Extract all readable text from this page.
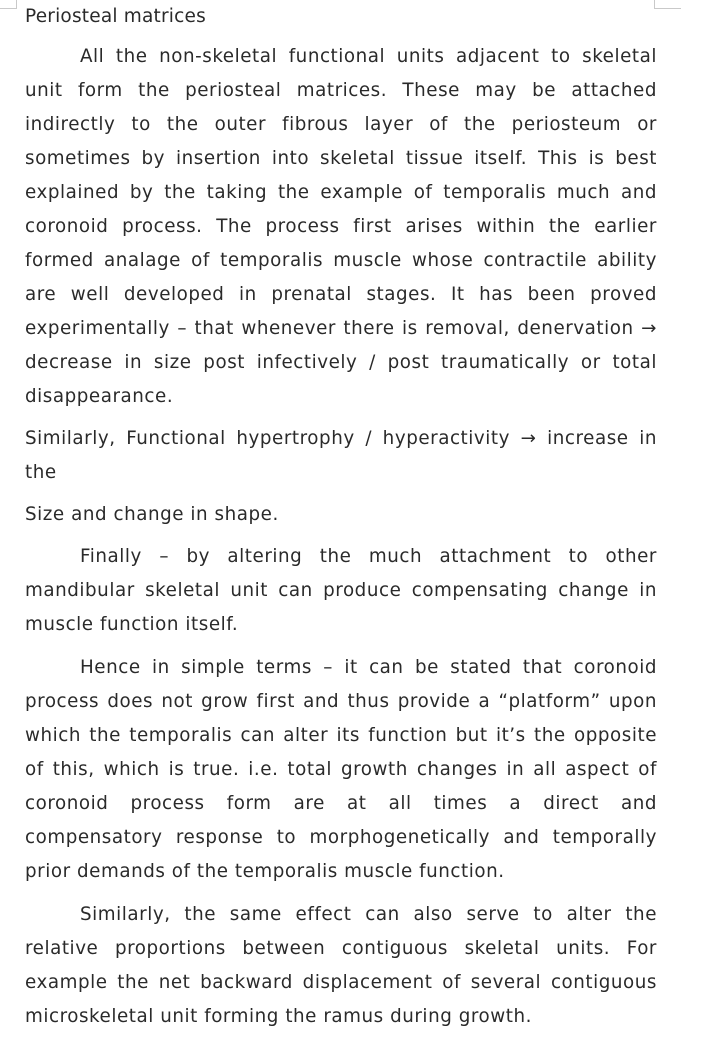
Periosteal matrices

All the non-skeletal functional units adjacent to skeletal unit form the periosteal matrices. These may be attached indirectly to the outer fibrous layer of the periosteum or sometimes by insertion into skeletal tissue itself. This is best explained by the taking the example of temporalis much and coronoid process. The process first arises within the earlier formed analage of temporalis muscle whose contractile ability are well developed in prenatal stages. It has been proved experimentally – that whenever there is removal, denervation → decrease in size post infectively / post traumatically or total disappearance.

Similarly, Functional hypertrophy / hyperactivity → increase in the

Size and change in shape.

Finally – by altering the much attachment to other mandibular skeletal unit can produce compensating change in muscle function itself.

Hence in simple terms – it can be stated that coronoid process does not grow first and thus provide a “platform” upon which the temporalis can alter its function but it’s the opposite of this, which is true. i.e. total growth changes in all aspect of coronoid process form are at all times a direct and compensatory response to morphogenetically and temporally prior demands of the temporalis muscle function.

Similarly, the same effect can also serve to alter the relative proportions between contiguous skeletal units. For example the net backward displacement of several contiguous microskeletal unit forming the ramus during growth.
